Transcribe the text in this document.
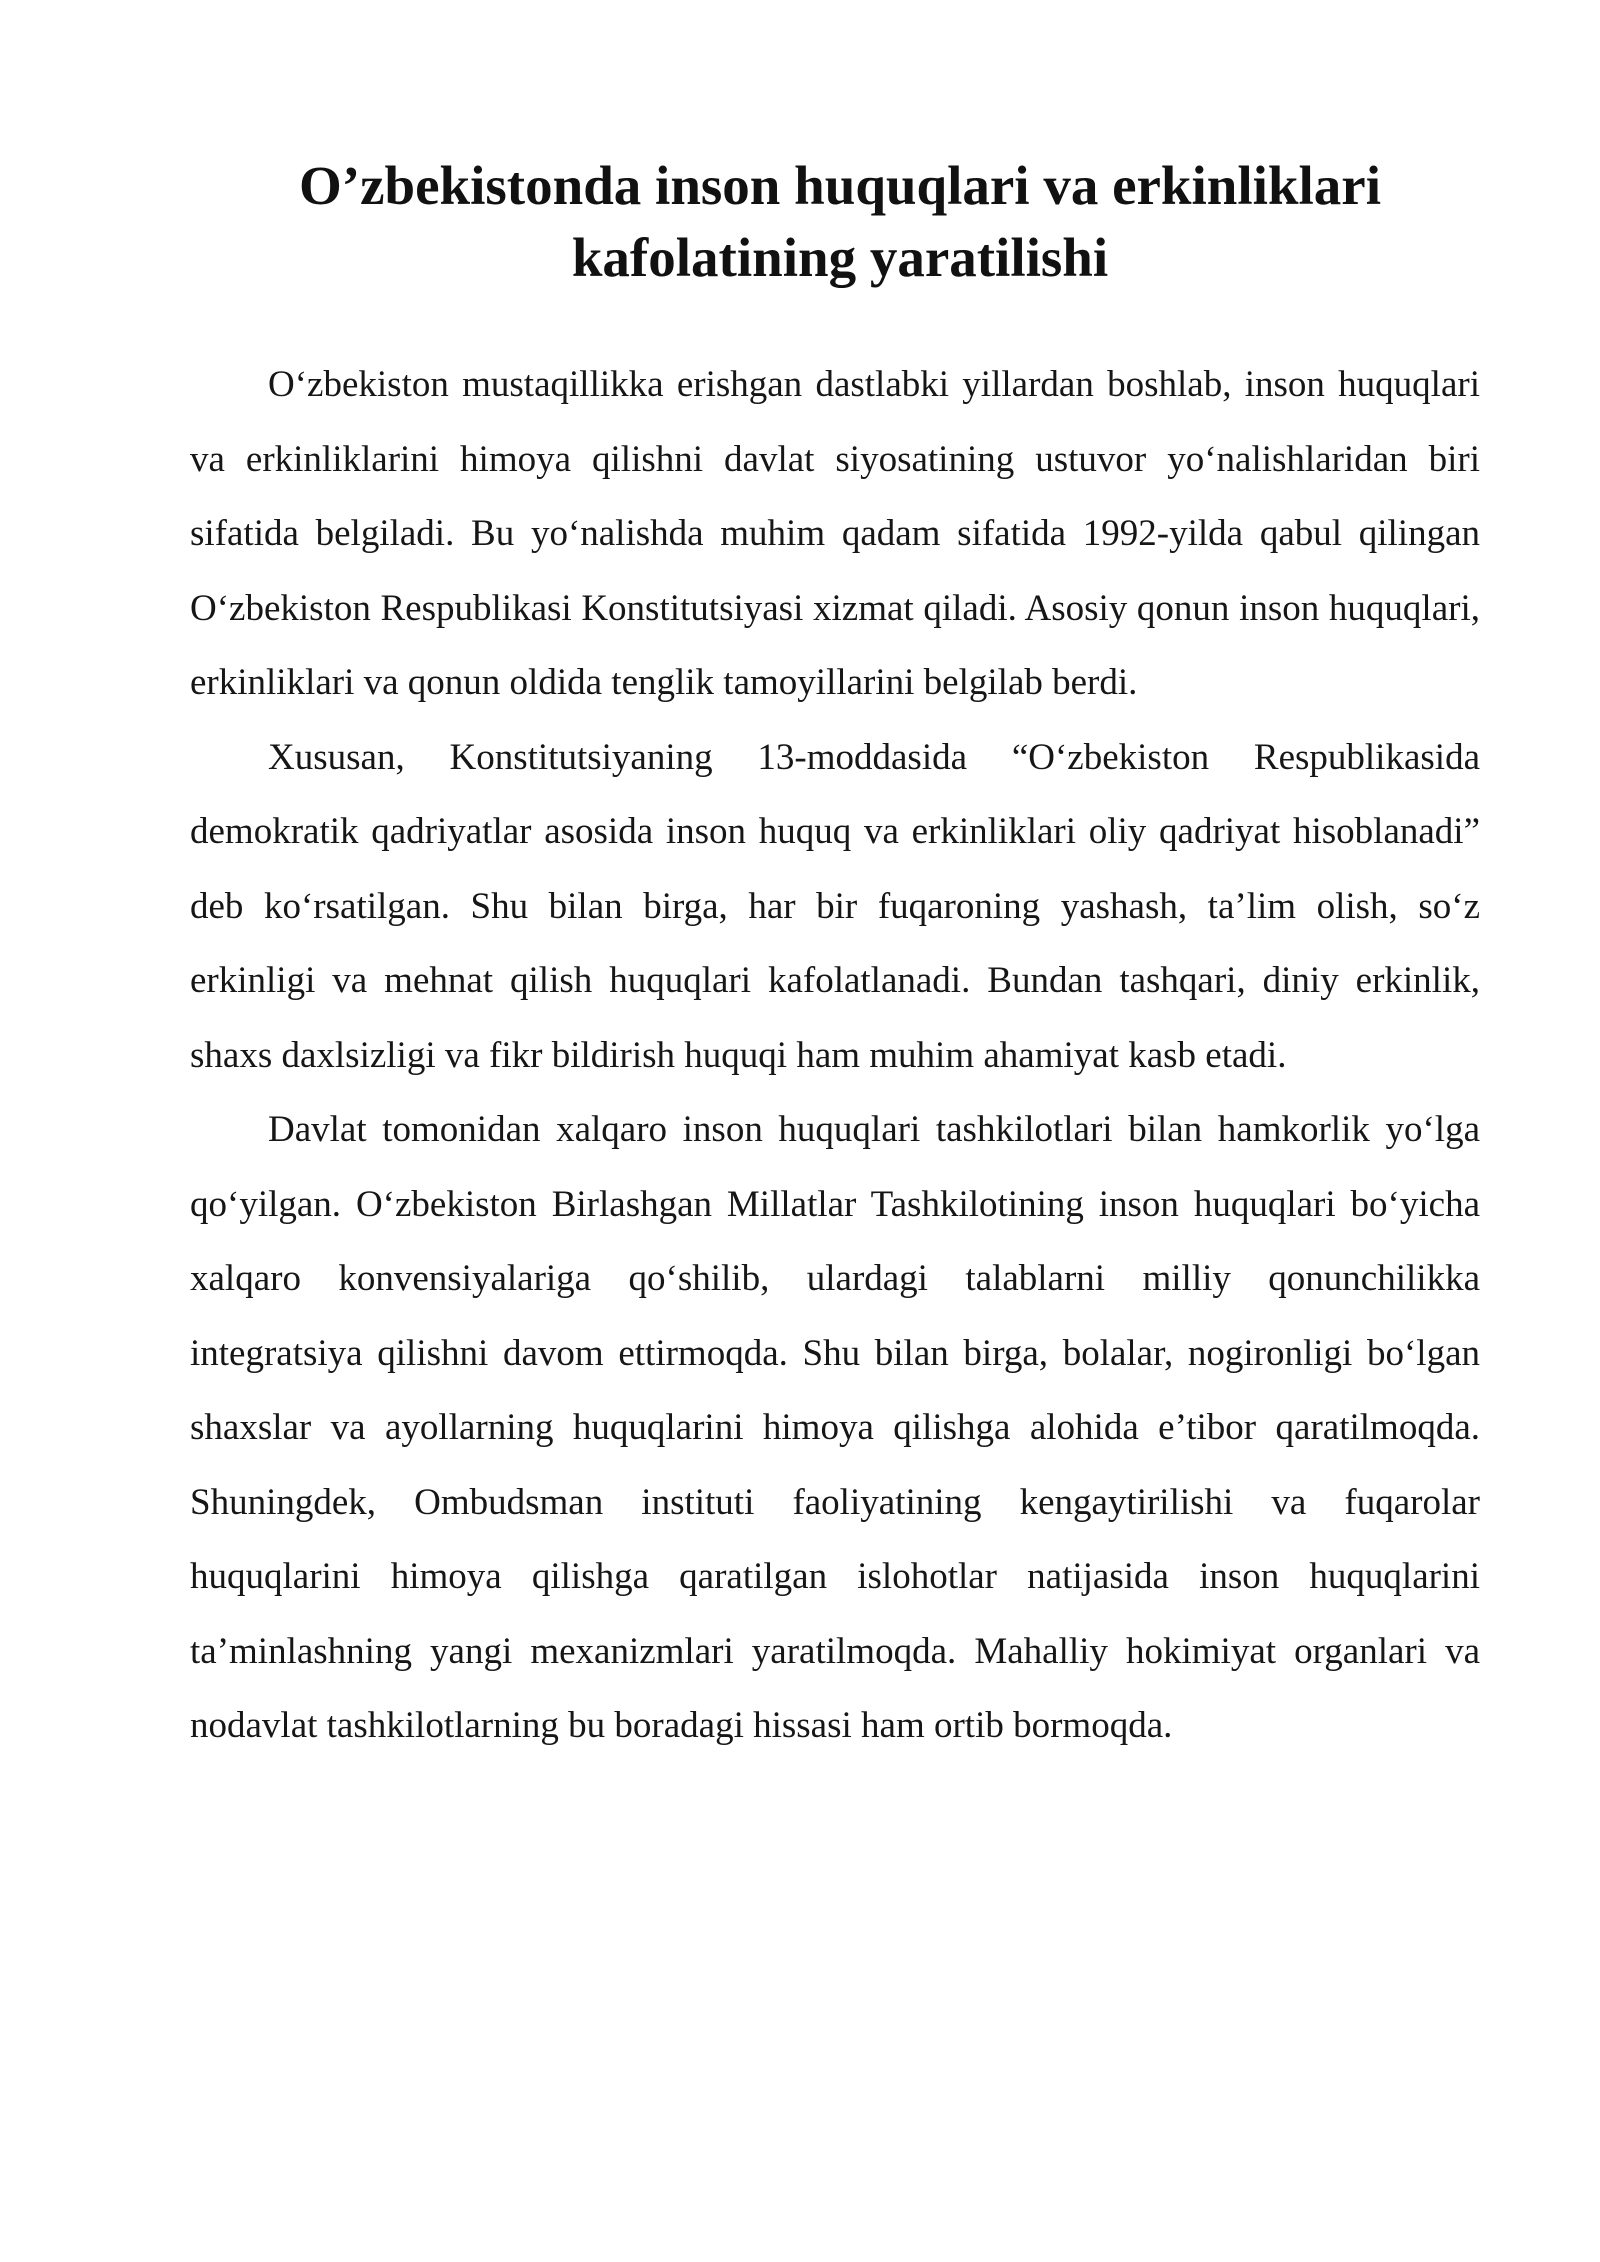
O’zbekistonda inson huquqlari va erkinliklari
kafolatining yaratilishi

O‘zbekiston mustaqillikka erishgan dastlabki yillardan boshlab, inson huquqlari va erkinliklarini himoya qilishni davlat siyosatining ustuvor yo‘nalishlaridan biri sifatida belgiladi. Bu yo‘nalishda muhim qadam sifatida 1992-yilda qabul qilingan O‘zbekiston Respublikasi Konstitutsiyasi xizmat qiladi. Asosiy qonun inson huquqlari, erkinliklari va qonun oldida tenglik tamoyillarini belgilab berdi.

Xususan, Konstitutsiyaning 13-moddasida “O‘zbekiston Respublikasida demokratik qadriyatlar asosida inson huquq va erkinliklari oliy qadriyat hisoblanadi” deb ko‘rsatilgan. Shu bilan birga, har bir fuqaroning yashash, ta’lim olish, so‘z erkinligi va mehnat qilish huquqlari kafolatlanadi. Bundan tashqari, diniy erkinlik, shaxs daxlsizligi va fikr bildirish huquqi ham muhim ahamiyat kasb etadi.

Davlat tomonidan xalqaro inson huquqlari tashkilotlari bilan hamkorlik yo‘lga qo‘yilgan. O‘zbekiston Birlashgan Millatlar Tashkilotining inson huquqlari bo‘yicha xalqaro konvensiyalariga qo‘shilib, ulardagi talablarni milliy qonunchilikka integratsiya qilishni davom ettirmoqda. Shu bilan birga, bolalar, nogironligi bo‘lgan shaxslar va ayollarning huquqlarini himoya qilishga alohida e’tibor qaratilmoqda. Shuningdek, Ombudsman instituti faoliyatining kengaytirilishi va fuqarolar huquqlarini himoya qilishga qaratilgan islohotlar natijasida inson huquqlarini ta’minlashning yangi mexanizmlari yaratilmoqda. Mahalliy hokimiyat organlari va nodavlat tashkilotlarning bu boradagi hissasi ham ortib bormoqda.
